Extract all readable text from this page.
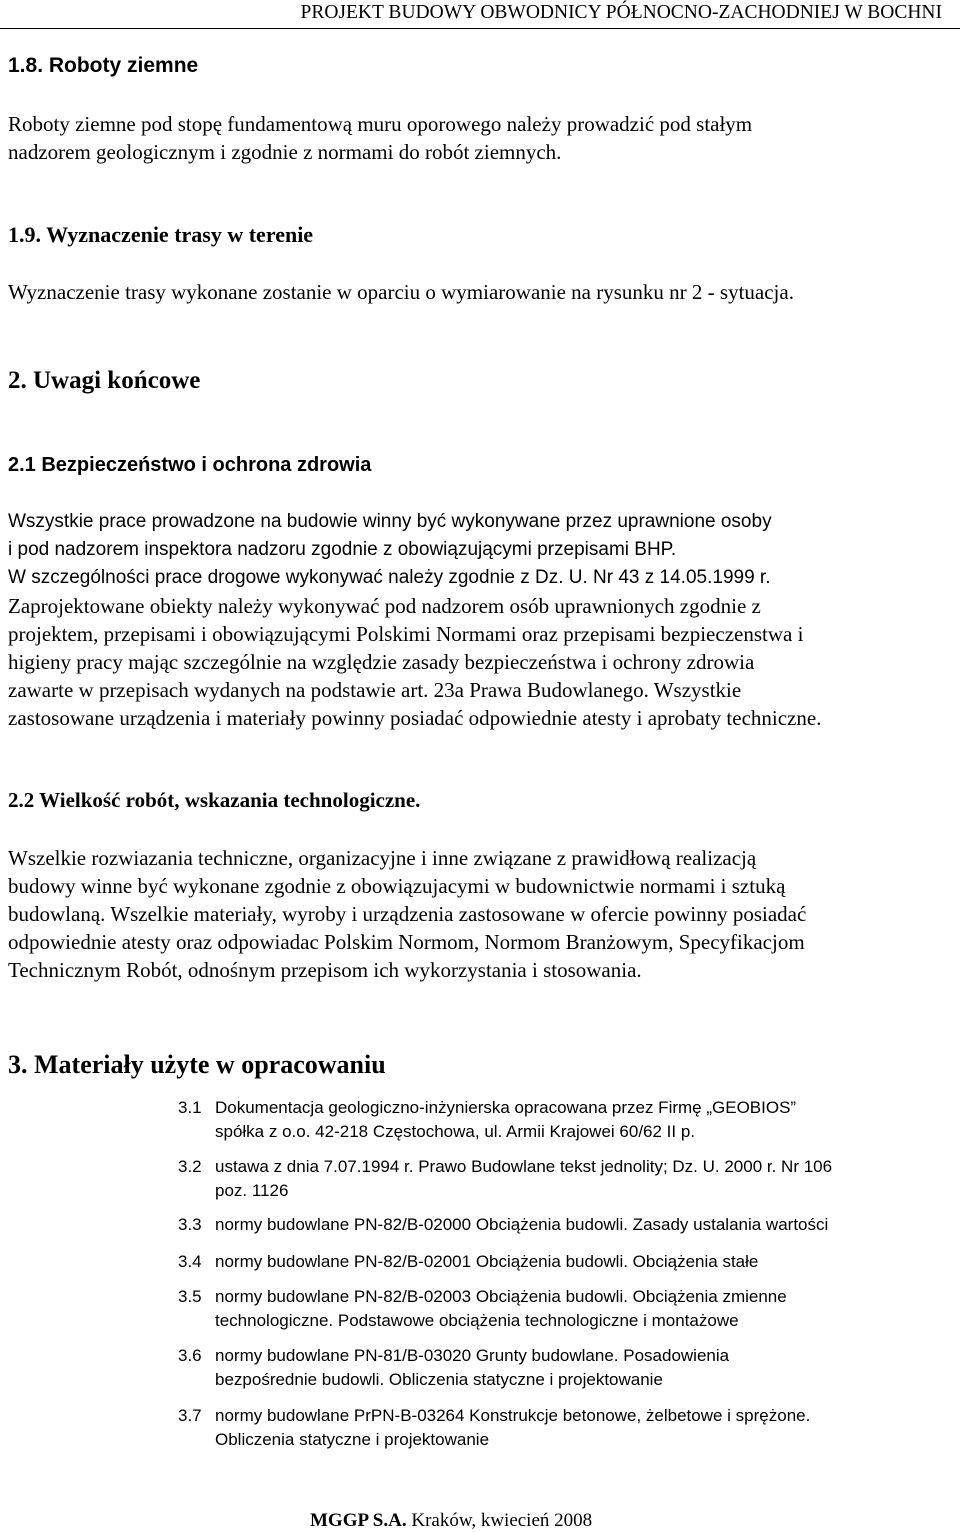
PROJEKT BUDOWY OBWODNICY PÓŁNOCNO-ZACHODNIEJ W BOCHNI
1.8. Roboty ziemne
Roboty ziemne pod stopę fundamentową muru oporowego należy prowadzić pod stałym
nadzorem geologicznym i zgodnie z normami do robót ziemnych.
1.9. Wyznaczenie trasy w terenie
Wyznaczenie trasy wykonane zostanie w oparciu o wymiarowanie na rysunku nr 2 - sytuacja.
2. Uwagi końcowe
2.1 Bezpieczeństwo i ochrona zdrowia
Wszystkie prace prowadzone na budowie winny być wykonywane przez uprawnione osoby
i pod nadzorem inspektora nadzoru zgodnie z obowiązującymi przepisami BHP.
W szczególności prace drogowe wykonywać należy zgodnie z Dz. U. Nr 43 z 14.05.1999 r.
Zaprojektowane obiekty należy wykonywać pod nadzorem osób uprawnionych zgodnie z
projektem, przepisami i obowiązującymi Polskimi Normami oraz przepisami bezpieczenstwa i
higieny pracy mając szczególnie na względzie zasady bezpieczeństwa i ochrony zdrowia
zawarte w przepisach wydanych na podstawie art. 23a Prawa Budowlanego. Wszystkie
zastosowane urządzenia i materiały powinny posiadać odpowiednie atesty i aprobaty techniczne.
2.2 Wielkość robót, wskazania technologiczne.
Wszelkie rozwiazania techniczne, organizacyjne i inne związane z prawidłową realizacją
budowy winne być wykonane zgodnie z obowiązujacymi w budownictwie normami i sztuką
budowlaną. Wszelkie materiały, wyroby i urządzenia zastosowane w ofercie powinny posiadać
odpowiednie atesty oraz odpowiadac Polskim Normom, Normom Branżowym, Specyfikacjom
Technicznym Robót, odnośnym przepisom ich wykorzystania i stosowania.
3. Materiały użyte w opracowaniu
3.1 Dokumentacja geologiczno-inżynierska opracowana przez Firmę „GEOBIOS”
spółka z o.o. 42-218 Częstochowa, ul. Armii Krajowei 60/62 II p.
3.2 ustawa z dnia 7.07.1994 r. Prawo Budowlane tekst jednolity; Dz. U. 2000 r. Nr 106
poz. 1126
3.3 normy budowlane PN-82/B-02000 Obciążenia budowli. Zasady ustalania wartości
3.4 normy budowlane PN-82/B-02001 Obciążenia budowli. Obciążenia stałe
3.5 normy budowlane PN-82/B-02003 Obciążenia budowli. Obciążenia zmienne
technologiczne. Podstawowe obciążenia technologiczne i montażowe
3.6 normy budowlane PN-81/B-03020 Grunty budowlane. Posadowienia
bezpośrednie budowli. Obliczenia statyczne i projektowanie
3.7 normy budowlane PrPN-B-03264 Konstrukcje betonowe, żelbetowe i sprężone.
Obliczenia statyczne i projektowanie
MGGP S.A. Kraków, kwiecień 2008
